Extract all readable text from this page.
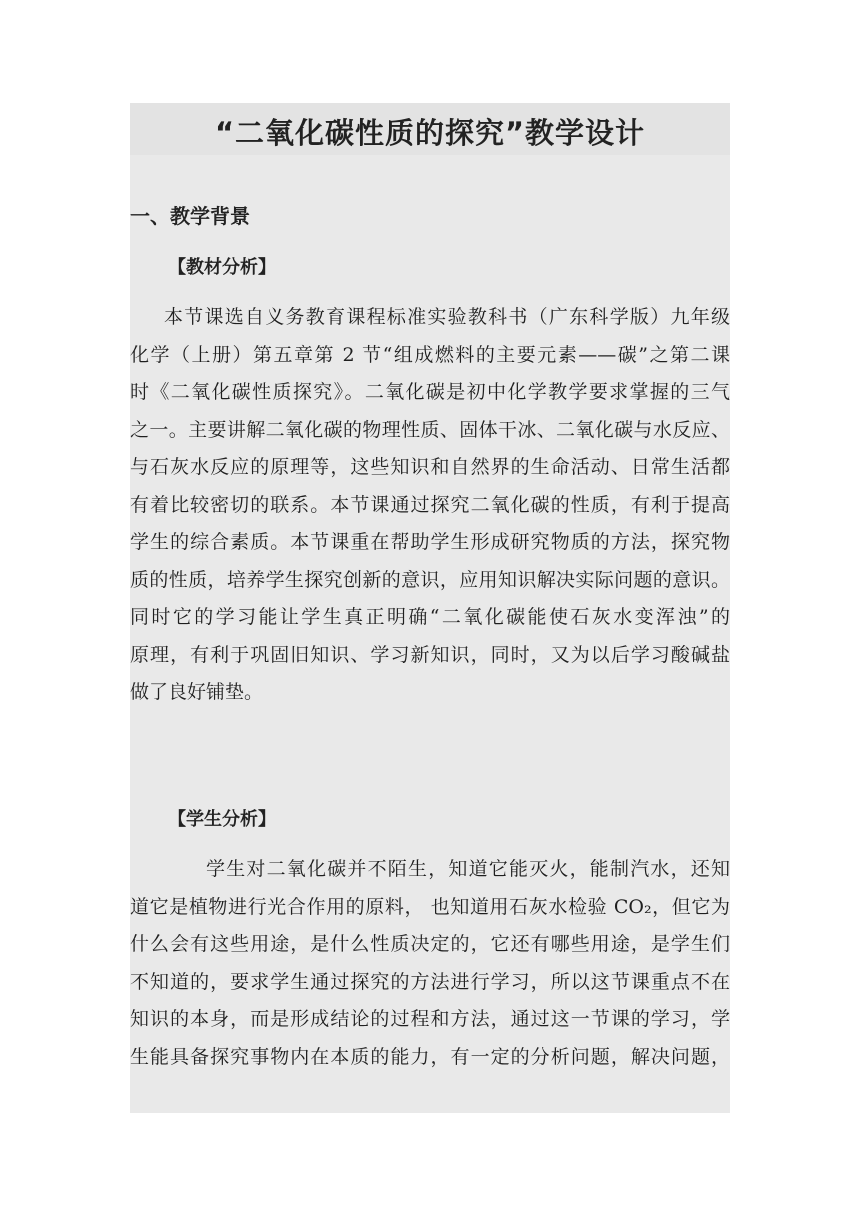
“二氧化碳性质的探究”教学设计
一、教学背景
【教材分析】
本节课选自义务教育课程标准实验教科书（广东科学版）九年级
化学（上册）第五章第 2 节“组成燃料的主要元素——碳”之第二课
时《二氧化碳性质探究》。二氧化碳是初中化学教学要求掌握的三气
之一。主要讲解二氧化碳的物理性质、固体干冰、二氧化碳与水反应、
与石灰水反应的原理等，这些知识和自然界的生命活动、日常生活都
有着比较密切的联系。本节课通过探究二氧化碳的性质，有利于提高
学生的综合素质。本节课重在帮助学生形成研究物质的方法，探究物
质的性质，培养学生探究创新的意识，应用知识解决实际问题的意识。
同时它的学习能让学生真正明确“二氧化碳能使石灰水变浑浊”的
原理，有利于巩固旧知识、学习新知识，同时，又为以后学习酸碱盐
做了良好铺垫。
【学生分析】
学生对二氧化碳并不陌生，知道它能灭火，能制汽水，还知
道它是植物进行光合作用的原料， 也知道用石灰水检验 CO₂，但它为
什么会有这些用途，是什么性质决定的，它还有哪些用途，是学生们
不知道的，要求学生通过探究的方法进行学习，所以这节课重点不在
知识的本身，而是形成结论的过程和方法，通过这一节课的学习，学
生能具备探究事物内在本质的能力，有一定的分析问题，解决问题，
